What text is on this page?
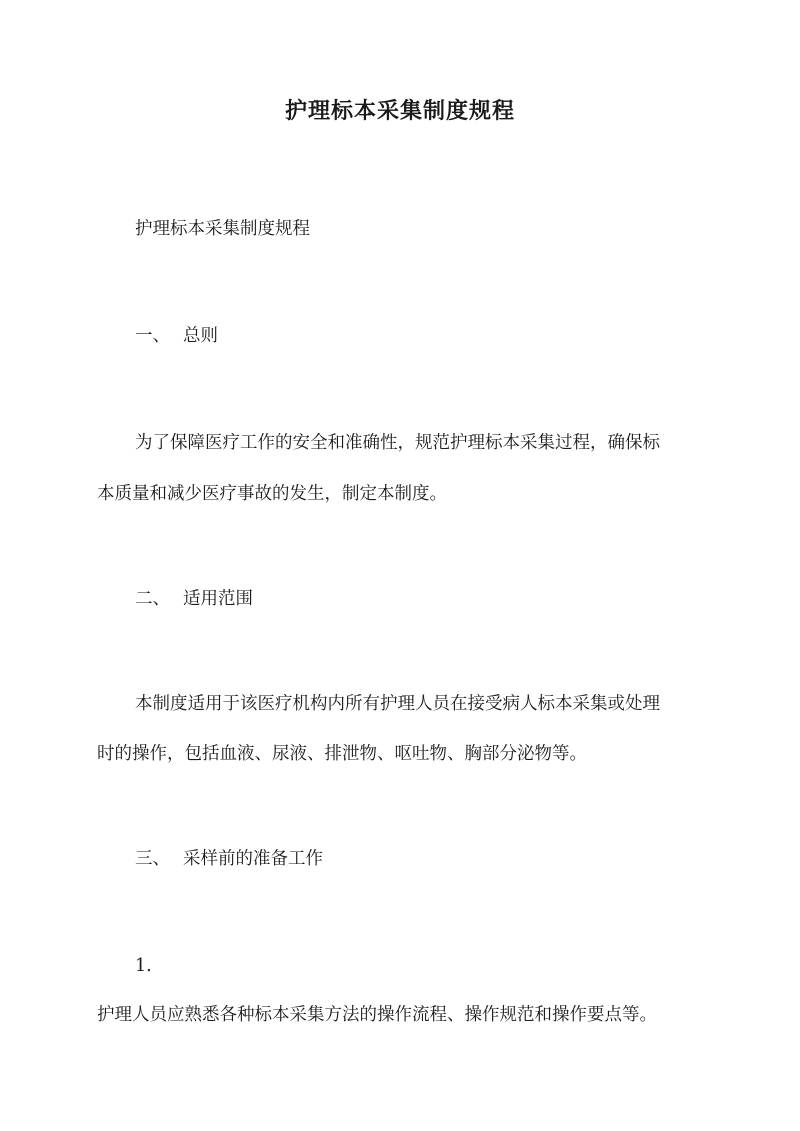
护理标本采集制度规程
护理标本采集制度规程
一、 总则
为了保障医疗工作的安全和准确性，规范护理标本采集过程，确保标
本质量和减少医疗事故的发生，制定本制度。
二、 适用范围
本制度适用于该医疗机构内所有护理人员在接受病人标本采集或处理
时的操作，包括血液、尿液、排泄物、呕吐物、胸部分泌物等。
三、 采样前的准备工作
1.
护理人员应熟悉各种标本采集方法的操作流程、操作规范和操作要点等。
